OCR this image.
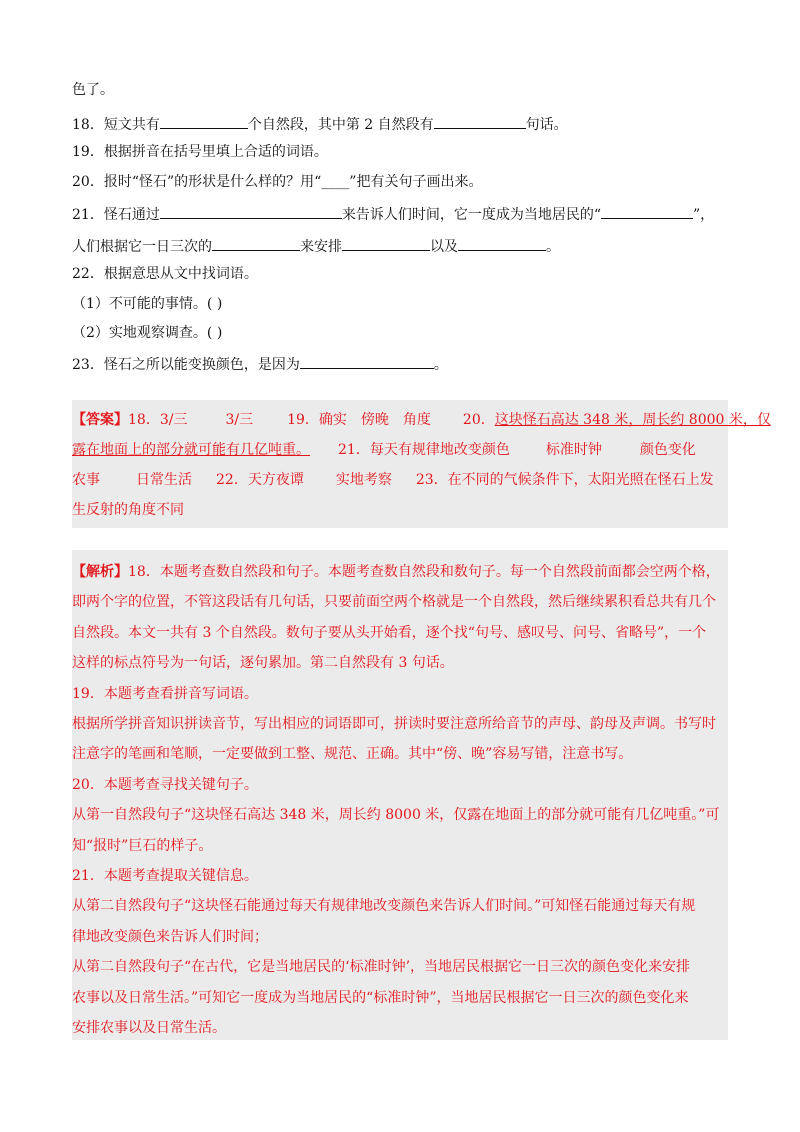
色了。
18．短文共有	个自然段，其中第 2 自然段有	句话。
19．根据拼音在括号里填上合适的词语。
20．报时“怪石”的形状是什么样的？用“____”把有关句子画出来。
21．怪石通过	来告诉人们时间，它一度成为当地居民的“	”，
人们根据它一日三次的	来安排	以及	。
22．根据意思从文中找词语。
（1）不可能的事情。( )
（2）实地观察调查。( )
23．怪石之所以能变换颜色，是因为	。
【答案】18．3/三	3/三 19．确实 傍晚 角度 20．这块怪石高达 348 米，周长约 8000 米，仅
露在地面上的部分就可能有几亿吨重。 21．每天有规律地改变颜色	标准时钟	颜色变化
农事	日常生活 22．天方夜谭 实地考察 23．在不同的气候条件下，太阳光照在怪石上发
生反射的角度不同
【解析】18．本题考查数自然段和句子。本题考查数自然段和数句子。每一个自然段前面都会空两个格，
即两个字的位置，不管这段话有几句话，只要前面空两个格就是一个自然段，然后继续累积看总共有几个
自然段。本文一共有 3 个自然段。数句子要从头开始看，逐个找“句号、感叹号、问号、省略号”，一个
这样的标点符号为一句话，逐句累加。第二自然段有 3 句话。
19．本题考查看拼音写词语。
根据所学拼音知识拼读音节，写出相应的词语即可，拼读时要注意所给音节的声母、韵母及声调。书写时
注意字的笔画和笔顺，一定要做到工整、规范、正确。其中“傍、晚”容易写错，注意书写。
20．本题考查寻找关键句子。
从第一自然段句子“这块怪石高达 348 米，周长约 8000 米，仅露在地面上的部分就可能有几亿吨重。”可
知“报时”巨石的样子。
21．本题考查提取关键信息。
从第二自然段句子“这块怪石能通过每天有规律地改变颜色来告诉人们时间。”可知怪石能通过每天有规
律地改变颜色来告诉人们时间；
从第二自然段句子“在古代，它是当地居民的‘标准时钟’，当地居民根据它一日三次的颜色变化来安排
农事以及日常生活。”可知它一度成为当地居民的“标准时钟”，当地居民根据它一日三次的颜色变化来
安排农事以及日常生活。
